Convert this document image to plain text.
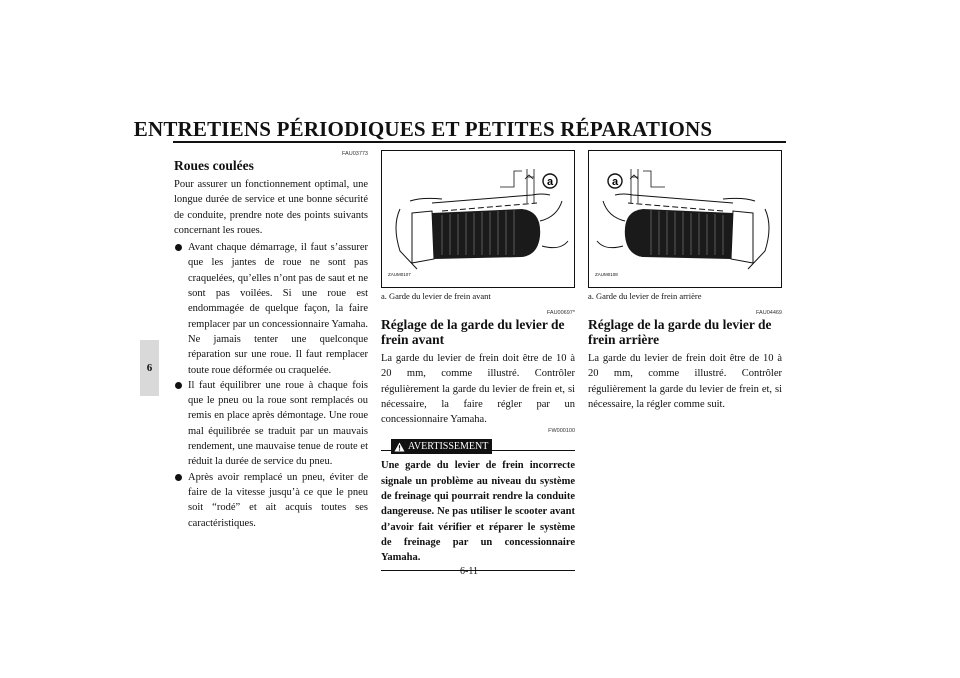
ENTRETIENS PÉRIODIQUES ET PETITES RÉPARATIONS
6
FAU03773
Roues coulées

Pour assurer un fonctionnement optimal, une longue durée de service et une bonne sécurité de conduite, prendre note des points suivants concernant les roues.

Avant chaque démarrage, il faut s’assurer que les jantes de roue ne sont pas craquelées, qu’elles n’ont pas de saut et ne sont pas voilées. Si une roue est endommagée de quelque façon, la faire remplacer par un concessionnaire Yamaha. Ne jamais tenter une quelconque réparation sur une roue. Il faut remplacer toute roue déformée ou craquelée.
Il faut équilibrer une roue à chaque fois que le pneu ou la roue sont remplacés ou remis en place après démontage. Une roue mal équilibrée se traduit par un mauvais rendement, une mauvaise tenue de route et réduit la durée de service du pneu.
Après avoir remplacé un pneu, éviter de faire de la vitesse jusqu’à ce que le pneu soit “rodé” et ait acquis toutes ses caractéristiques.
a
ZAUM0107
a. Garde du levier de frein avant
FAU00697*
Réglage de la garde du levier de frein avant

La garde du levier de frein doit être de 10 à 20 mm, comme illustré. Contrôler régulièrement la garde du levier de frein et, si nécessaire, la faire régler par un concessionnaire Yamaha.

FW000100
AVERTISSEMENT

Une garde du levier de frein incorrecte signale un problème au niveau du système de freinage qui pourrait rendre la conduite dangereuse. Ne pas utiliser le scooter avant d’avoir fait vérifier et réparer le système de freinage par un concessionnaire Yamaha.

a
ZAUM0108
a. Garde du levier de frein arrière
FAU04469
Réglage de la garde du levier de frein arrière

La garde du levier de frein doit être de 10 à 20 mm, comme illustré. Contrôler régulièrement la garde du levier de frein et, si nécessaire, la régler comme suit.

6-11
